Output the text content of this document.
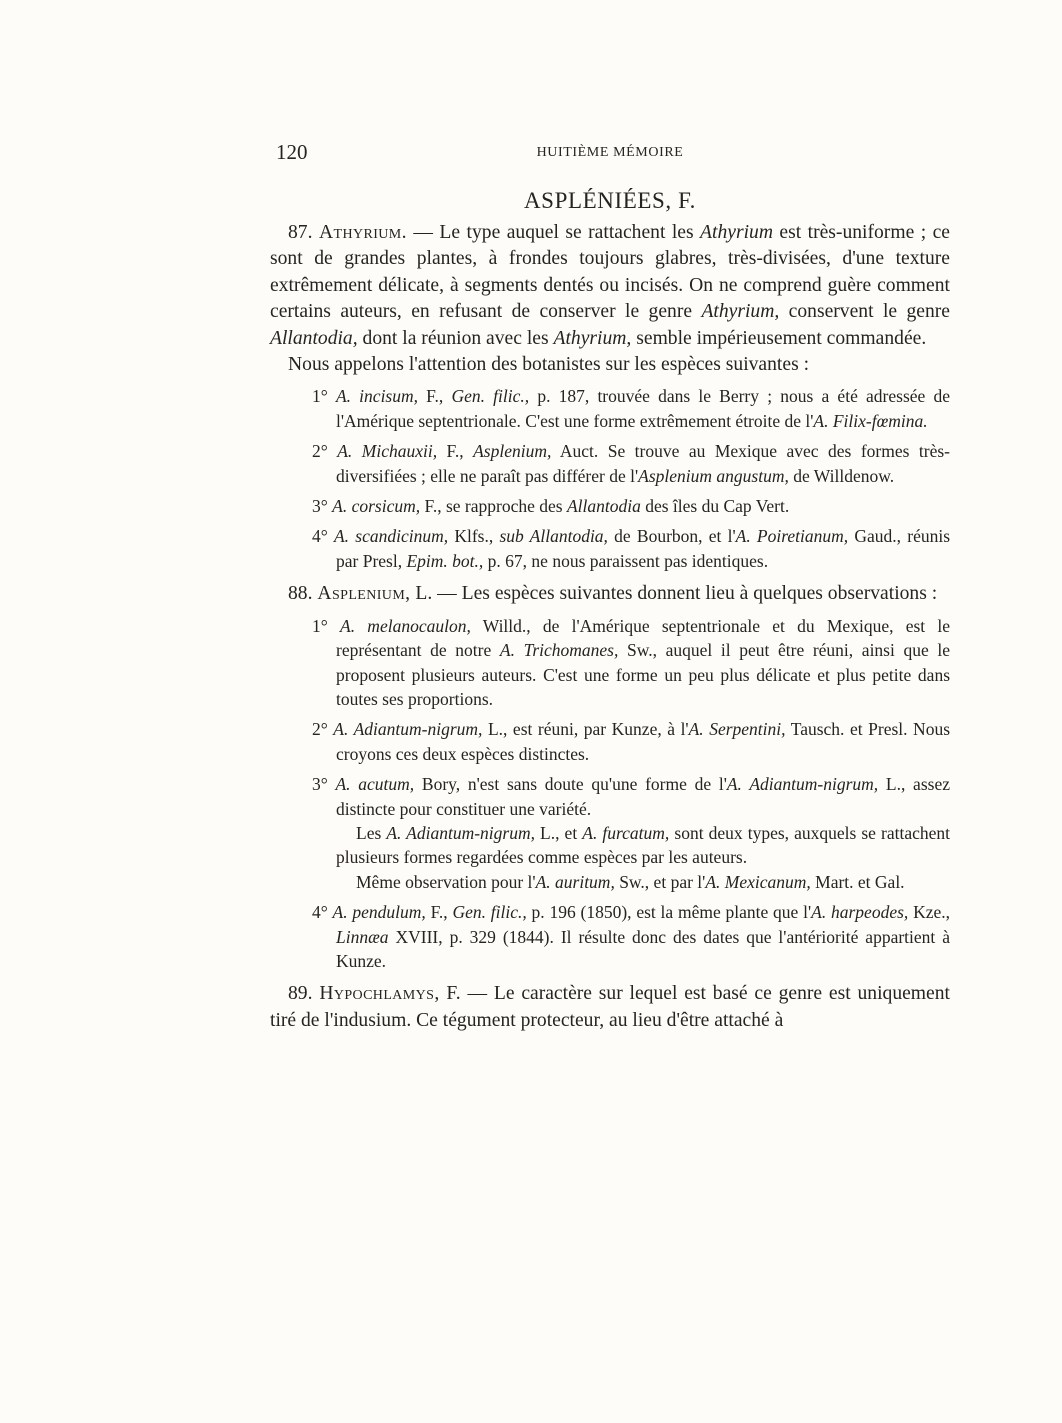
120	HUITIÈME MÉMOIRE
ASPLÉNIÉES, F.

87. Athyrium. — Le type auquel se rattachent les Athyrium est très-uniforme ; ce sont de grandes plantes, à frondes toujours glabres, très-divisées, d'une texture extrêmement délicate, à segments dentés ou incisés. On ne comprend guère comment certains auteurs, en refusant de conserver le genre Athyrium, conservent le genre Allantodia, dont la réunion avec les Athyrium, semble impérieusement commandée.

Nous appelons l'attention des botanistes sur les espèces suivantes :

1° A. incisum, F., Gen. filic., p. 187, trouvée dans le Berry ; nous a été adressée de l'Amérique septentrionale. C'est une forme extrêmement étroite de l'A. Filix-fœmina.

2° A. Michauxii, F., Asplenium, Auct. Se trouve au Mexique avec des formes très-diversifiées ; elle ne paraît pas différer de l'Asplenium angustum, de Willdenow.

3° A. corsicum, F., se rapproche des Allantodia des îles du Cap Vert.

4° A. scandicinum, Klfs., sub Allantodia, de Bourbon, et l'A. Poiretianum, Gaud., réunis par Presl, Epim. bot., p. 67, ne nous paraissent pas identiques.

88. Asplenium, L. — Les espèces suivantes donnent lieu à quelques observations :

1° A. melanocaulon, Willd., de l'Amérique septentrionale et du Mexique, est le représentant de notre A. Trichomanes, Sw., auquel il peut être réuni, ainsi que le proposent plusieurs auteurs. C'est une forme un peu plus délicate et plus petite dans toutes ses proportions.

2° A. Adiantum-nigrum, L., est réuni, par Kunze, à l'A. Serpentini, Tausch. et Presl. Nous croyons ces deux espèces distinctes.

3° A. acutum, Bory, n'est sans doute qu'une forme de l'A. Adiantum-nigrum, L., assez distincte pour constituer une variété.

Les A. Adiantum-nigrum, L., et A. furcatum, sont deux types, auxquels se rattachent plusieurs formes regardées comme espèces par les auteurs.

Même observation pour l'A. auritum, Sw., et par l'A. Mexicanum, Mart. et Gal.

4° A. pendulum, F., Gen. filic., p. 196 (1850), est la même plante que l'A. harpeodes, Kze., Linnæa XVIII, p. 329 (1844). Il résulte donc des dates que l'antériorité appartient à Kunze.

89. Hypochlamys, F. — Le caractère sur lequel est basé ce genre est uniquement tiré de l'indusium. Ce tégument protecteur, au lieu d'être attaché à
